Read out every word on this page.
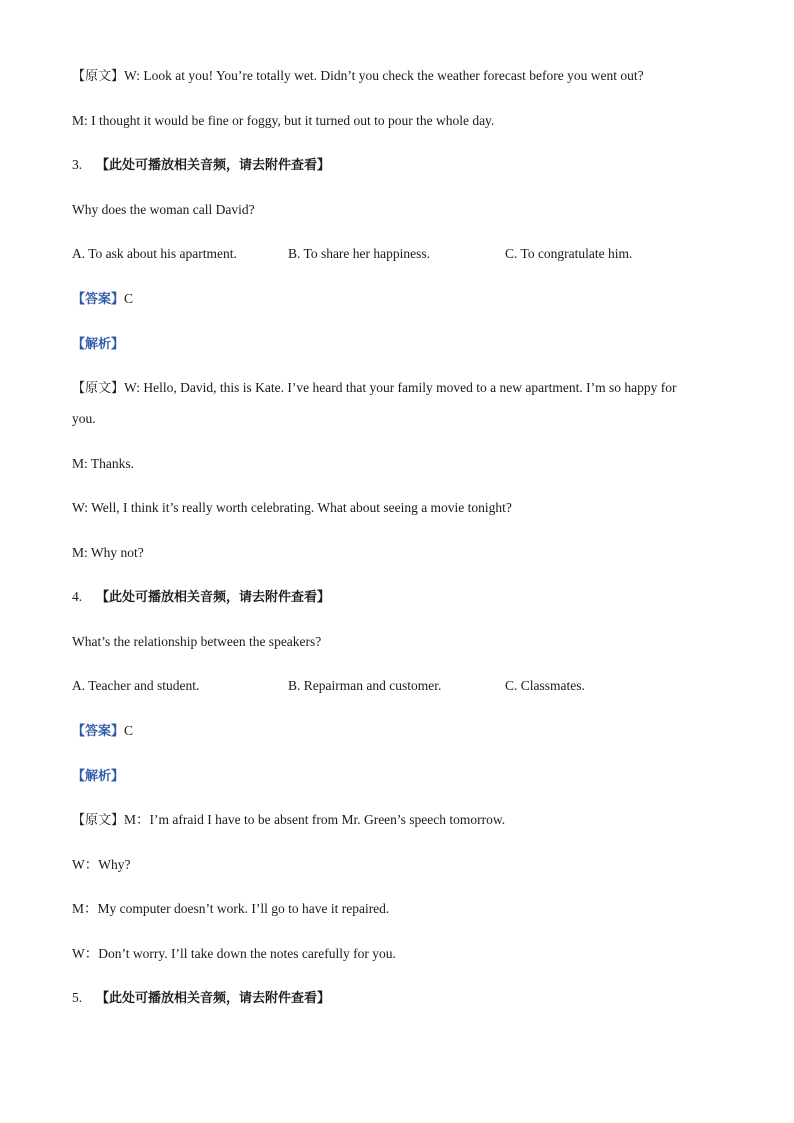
【原文】W: Look at you! You’re totally wet. Didn’t you check the weather forecast before you went out?
M: I thought it would be fine or foggy, but it turned out to pour the whole day.
3. 【此处可播放相关音频，请去附件查看】
Why does the woman call David?
A. To ask about his apartment.	B. To share her happiness.	C. To congratulate him.
【答案】C
【解析】
【原文】W: Hello, David, this is Kate. I’ve heard that your family moved to a new apartment. I’m so happy for
you.
M: Thanks.
W: Well, I think it’s really worth celebrating. What about seeing a movie tonight?
M: Why not?
4. 【此处可播放相关音频，请去附件查看】
What’s the relationship between the speakers?
A. Teacher and student.	B. Repairman and customer.	C. Classmates.
【答案】C
【解析】
【原文】M：I’m afraid I have to be absent from Mr. Green’s speech tomorrow.
W：Why?
M：My computer doesn’t work. I’ll go to have it repaired.
W：Don’t worry. I’ll take down the notes carefully for you.
5. 【此处可播放相关音频，请去附件查看】
